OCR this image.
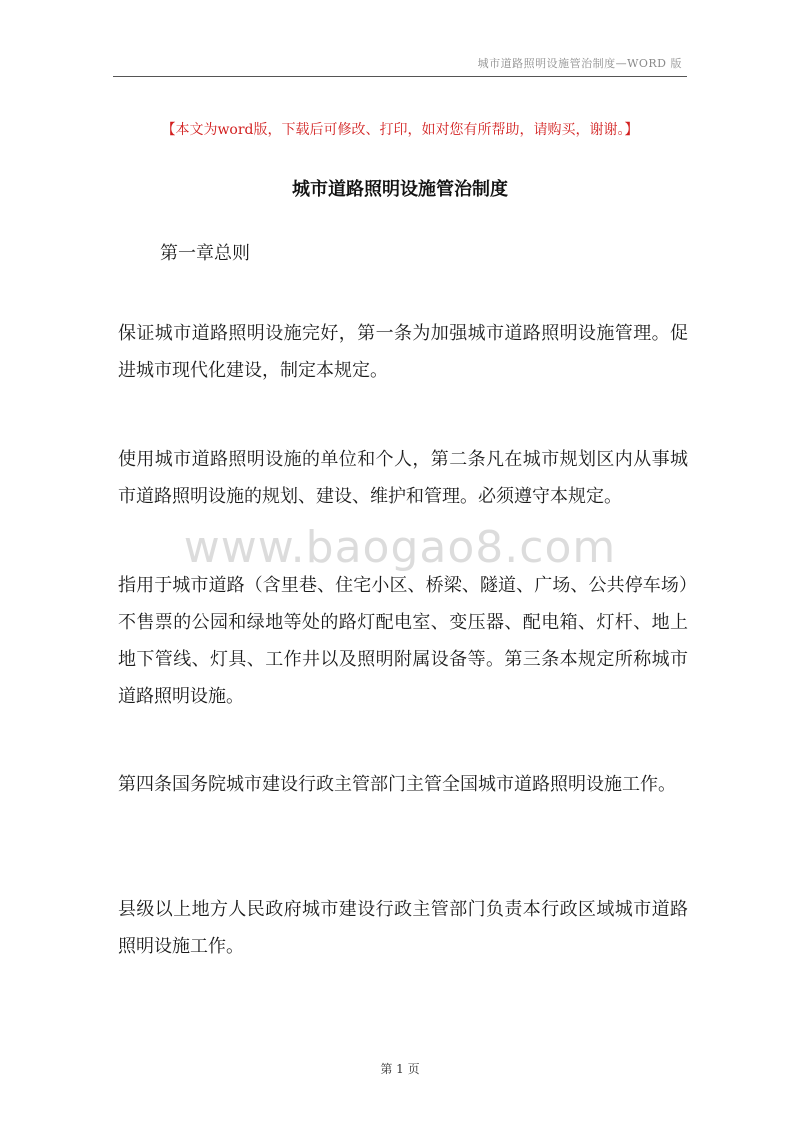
城市道路照明设施管治制度—WORD 版
【本文为word版，下载后可修改、打印，如对您有所帮助，请购买，谢谢。】
城市道路照明设施管治制度
第一章总则
保证城市道路照明设施完好，第一条为加强城市道路照明设施管理。促进城市现代化建设，制定本规定。
使用城市道路照明设施的单位和个人，第二条凡在城市规划区内从事城市道路照明设施的规划、建设、维护和管理。必须遵守本规定。
www.baogao8.com
指用于城市道路（含里巷、住宅小区、桥梁、隧道、广场、公共停车场）不售票的公园和绿地等处的路灯配电室、变压器、配电箱、灯杆、地上地下管线、灯具、工作井以及照明附属设备等。第三条本规定所称城市道路照明设施。
第四条国务院城市建设行政主管部门主管全国城市道路照明设施工作。
县级以上地方人民政府城市建设行政主管部门负责本行政区域城市道路照明设施工作。
第 1 页
